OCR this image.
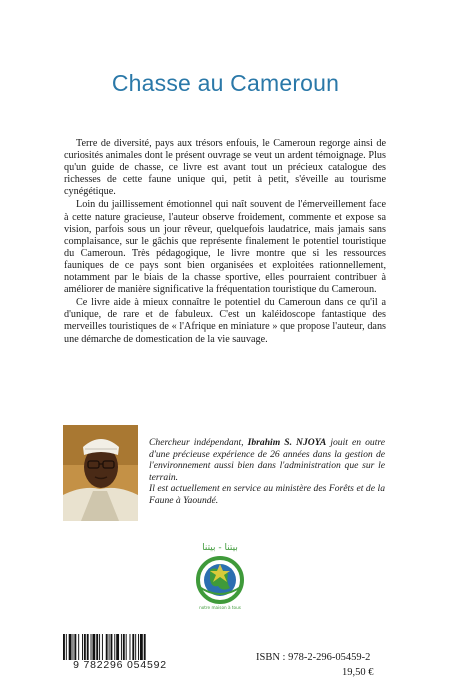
Chasse au Cameroun

Terre de diversité, pays aux trésors enfouis, le Cameroun regorge ainsi de curiosités animales dont le présent ouvrage se veut un ardent témoignage. Plus qu'un guide de chasse, ce livre est avant tout un précieux catalogue des richesses de cette faune unique qui, petit à petit, s'éveille au tourisme cynégétique.

Loin du jaillissement émotionnel qui naît souvent de l'émerveillement face à cette nature gracieuse, l'auteur observe froidement, commente et expose sa vision, parfois sous un jour rêveur, quelquefois laudatrice, mais jamais sans complaisance, sur le gâchis que représente finalement le potentiel touristique du Cameroun. Très pédagogique, le livre montre que si les ressources fauniques de ce pays sont bien organisées et exploitées rationnellement, notamment par le biais de la chasse sportive, elles pourraient contribuer à améliorer de manière significative la fréquentation touristique du Cameroun.

Ce livre aide à mieux connaître le potentiel du Cameroun dans ce qu'il a d'unique, de rare et de fabuleux. C'est un kaléidoscope fantastique des merveilles touristiques de « l'Afrique en miniature » que propose l'auteur, dans une démarche de domestication de la vie sauvage.

Chercheur indépendant, Ibrahim S. NJOYA jouit en outre d'une précieuse expérience de 26 années dans la gestion de l'environnement aussi bien dans l'administration que sur le terrain.

Il est actuellement en service au ministère des Forêts et de la Faune à Yaoundé.

بيتنا - بيتنا
notre maison à tous
9 782296 054592
ISBN : 978-2-296-05459-2
19,50 €
